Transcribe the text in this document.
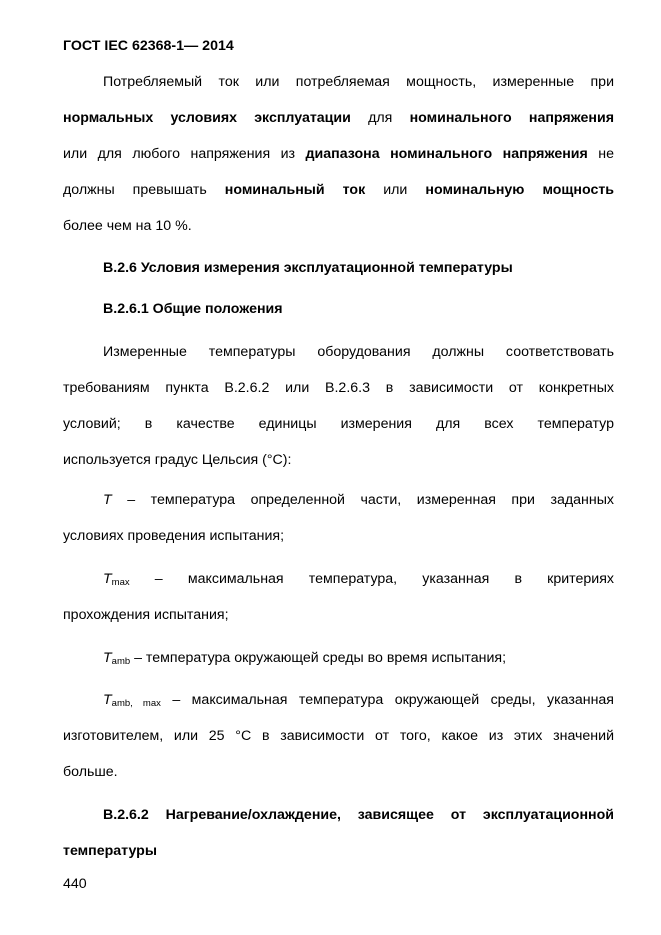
ГОСТ IEC 62368-1— 2014
Потребляемый ток или потребляемая мощность, измеренные при
нормальных условиях эксплуатации для номинального напряжения
или для любого напряжения из диапазона номинального напряжения не
должны превышать номинальный ток или номинальную мощность
более чем на 10 %.
B.2.6 Условия измерения эксплуатационной температуры
B.2.6.1 Общие положения
Измеренные температуры оборудования должны соответствовать
требованиям пункта B.2.6.2 или B.2.6.3 в зависимости от конкретных
условий; в качестве единицы измерения для всех температур
используется градус Цельсия (°C):
T – температура определенной части, измеренная при заданных
условиях проведения испытания;
$T_{max}$ – максимальная температура, указанная в критериях
прохождения испытания;
$T_{amb}$ – температура окружающей среды во время испытания;
$T_{amb, max}$ – максимальная температура окружающей среды, указанная
изготовителем, или 25 °C в зависимости от того, какое из этих значений
больше.
B.2.6.2 Нагревание/охлаждение, зависящее от эксплуатационной
температуры
440
